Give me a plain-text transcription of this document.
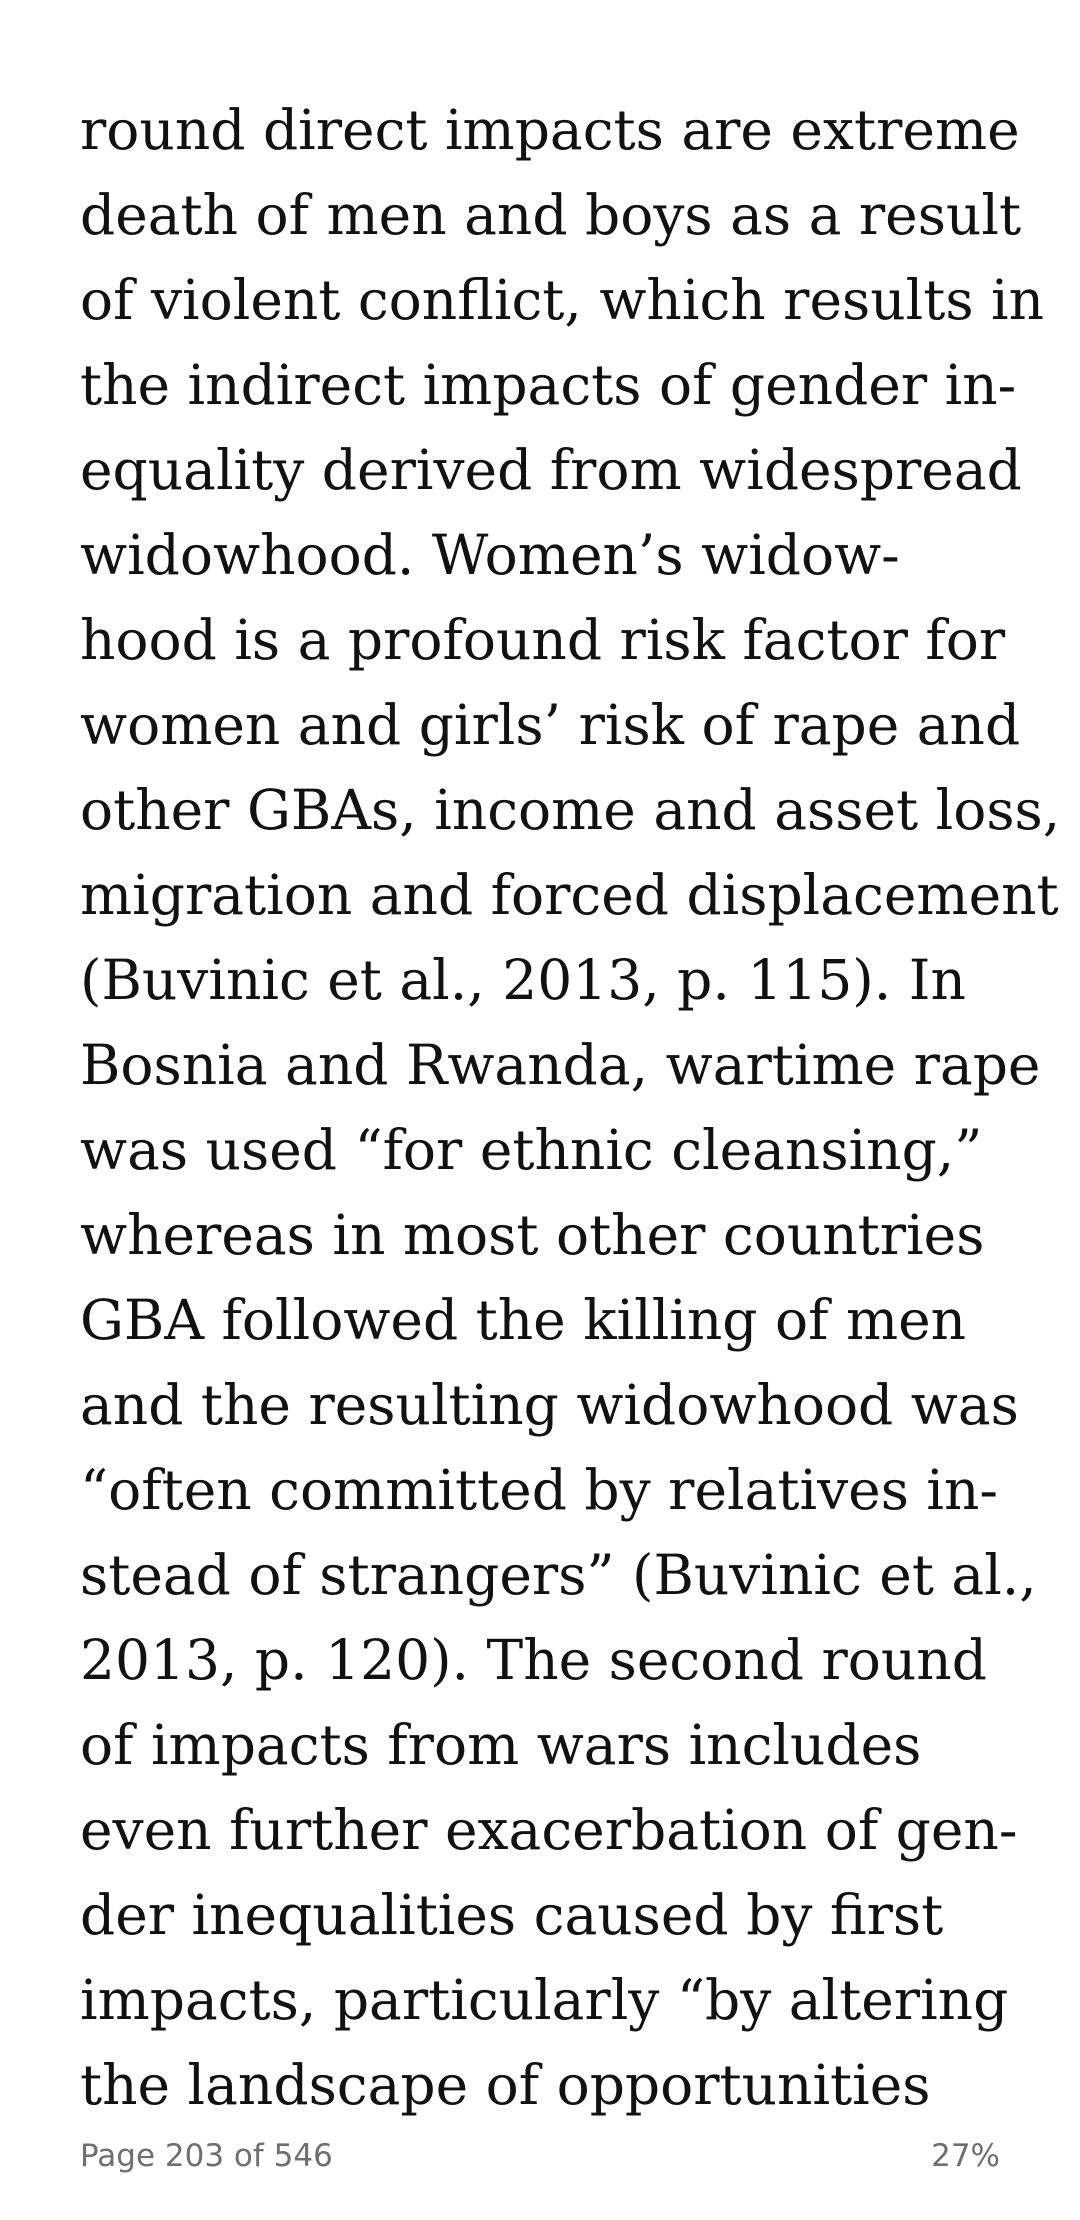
round direct impacts are extreme
death of men and boys as a result
of violent conflict, which results in
the indirect impacts of gender in-
equality derived from widespread
widowhood. Women’s widow-
hood is a profound risk factor for
women and girls’ risk of rape and
other GBAs, income and asset loss,
migration and forced displacement
(Buvinic et al., 2013, p. 115). In
Bosnia and Rwanda, wartime rape
was used “for ethnic cleansing,”
whereas in most other countries
GBA followed the killing of men
and the resulting widowhood was
“often committed by relatives in-
stead of strangers” (Buvinic et al.,
2013, p. 120). The second round
of impacts from wars includes
even further exacerbation of gen-
der inequalities caused by first
impacts, particularly “by altering
the landscape of opportunities

Page 203 of 546	27%
